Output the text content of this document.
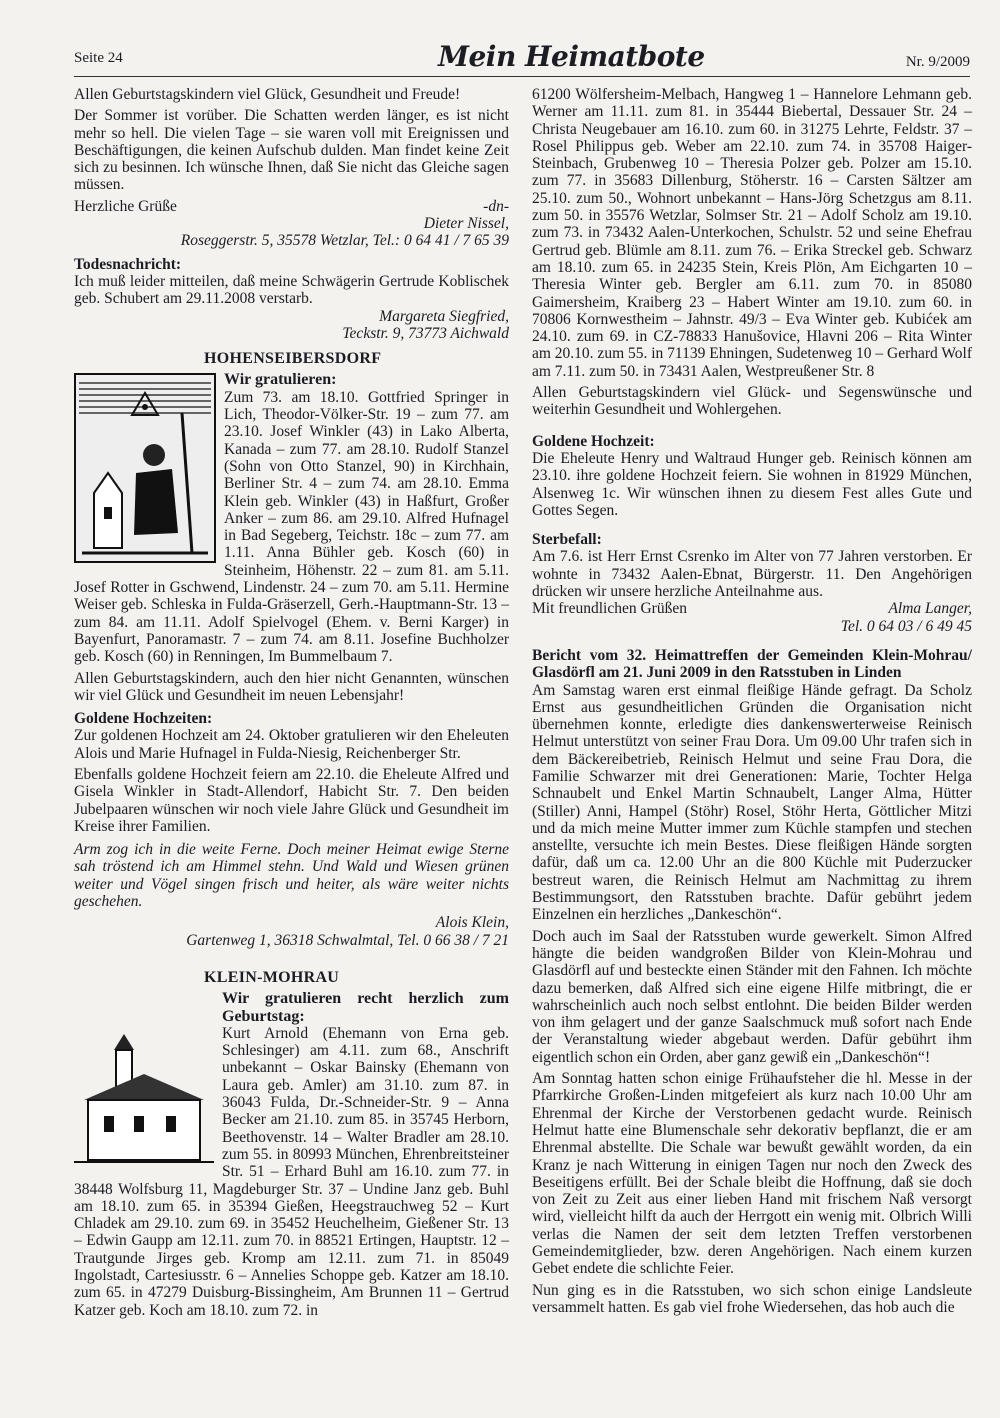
Seite 24	Mein Heimatbote	Nr. 9/2009

Allen Geburtstagskindern viel Glück, Gesundheit und Freude!

Der Sommer ist vorüber. Die Schatten werden länger, es ist nicht mehr so hell. Die vielen Tage – sie waren voll mit Ereignissen und Beschäftigungen, die keinen Aufschub dulden. Man findet keine Zeit sich zu besinnen. Ich wünsche Ihnen, daß Sie nicht das Gleiche sagen müssen.

Herzliche Grüße	-dn-
Dieter Nissel,
Roseggerstr. 5, 35578 Wetzlar, Tel.: 0 64 41 / 7 65 39
Todesnachricht:

Ich muß leider mitteilen, daß meine Schwägerin Gertrude Koblischek geb. Schubert am 29.11.2008 verstarb.

Margareta Siegfried,
Teckstr. 9, 73773 Aichwald
HOHENSEIBERSDORF
Wir gratulieren:

Zum 73. am 18.10. Gottfried Springer in Lich, Theodor-Völker-Str. 19 – zum 77. am 23.10. Josef Winkler (43) in Lako Alberta, Kanada – zum 77. am 28.10. Rudolf Stanzel (Sohn von Otto Stanzel, 90) in Kirchhain, Berliner Str. 4 – zum 74. am 28.10. Emma Klein geb. Winkler (43) in Haßfurt, Großer Anker – zum 86. am 29.10. Alfred Hufnagel in Bad Segeberg, Teichstr. 18c – zum 77. am 1.11. Anna Bühler geb. Kosch (60) in Steinheim, Höhenstr. 22 – zum 81. am 5.11. Josef Rotter in Gschwend, Lindenstr. 24 – zum 70. am 5.11. Hermine Weiser geb. Schleska in Fulda-Gräserzell, Gerh.-Hauptmann-Str. 13 – zum 84. am 11.11. Adolf Spielvogel (Ehem. v. Berni Karger) in Bayenfurt, Panoramastr. 7 – zum 74. am 8.11. Josefine Buchholzer geb. Kosch (60) in Renningen, Im Bummelbaum 7.

Allen Geburtstagskindern, auch den hier nicht Genannten, wünschen wir viel Glück und Gesundheit im neuen Lebensjahr!

Goldene Hochzeiten:

Zur goldenen Hochzeit am 24. Oktober gratulieren wir den Eheleuten Alois und Marie Hufnagel in Fulda-Niesig, Reichenberger Str.

Ebenfalls goldene Hochzeit feiern am 22.10. die Eheleute Alfred und Gisela Winkler in Stadt-Allendorf, Habicht Str. 7. Den beiden Jubelpaaren wünschen wir noch viele Jahre Glück und Gesundheit im Kreise ihrer Familien.

Arm zog ich in die weite Ferne. Doch meiner Heimat ewige Sterne sah tröstend ich am Himmel stehn. Und Wald und Wiesen grünen weiter und Vögel singen frisch und heiter, als wäre weiter nichts geschehen.

Alois Klein,
Gartenweg 1, 36318 Schwalmtal, Tel. 0 66 38 / 7 21
KLEIN-MOHRAU
Wir gratulieren recht herzlich zum Geburtstag:

Kurt Arnold (Ehemann von Erna geb. Schlesinger) am 4.11. zum 68., Anschrift unbekannt – Oskar Bainsky (Ehemann von Laura geb. Amler) am 31.10. zum 87. in 36043 Fulda, Dr.-Schneider-Str. 9 – Anna Becker am 21.10. zum 85. in 35745 Herborn, Beethovenstr. 14 – Walter Bradler am 28.10. zum 55. in 80993 München, Ehrenbreitsteiner Str. 51 – Erhard Buhl am 16.10. zum 77. in 38448 Wolfsburg 11, Magdeburger Str. 37 – Undine Janz geb. Buhl am 18.10. zum 65. in 35394 Gießen, Heegstrauchweg 52 – Kurt Chladek am 29.10. zum 69. in 35452 Heuchelheim, Gießener Str. 13 – Edwin Gaupp am 12.11. zum 70. in 88521 Ertingen, Hauptstr. 12 – Trautgunde Jirges geb. Kromp am 12.11. zum 71. in 85049 Ingolstadt, Cartesiusstr. 6 – Annelies Schoppe geb. Katzer am 18.10. zum 65. in 47279 Duisburg-Bissingheim, Am Brunnen 11 – Gertrud Katzer geb. Koch am 18.10. zum 72. in

61200 Wölfersheim-Melbach, Hangweg 1 – Hannelore Lehmann geb. Werner am 11.11. zum 81. in 35444 Biebertal, Dessauer Str. 24 – Christa Neugebauer am 16.10. zum 60. in 31275 Lehrte, Feldstr. 37 – Rosel Philippus geb. Weber am 22.10. zum 74. in 35708 Haiger-Steinbach, Grubenweg 10 – Theresia Polzer geb. Polzer am 15.10. zum 77. in 35683 Dillenburg, Stöherstr. 16 – Carsten Sältzer am 25.10. zum 50., Wohnort unbekannt – Hans-Jörg Schetzgus am 8.11. zum 50. in 35576 Wetzlar, Solmser Str. 21 – Adolf Scholz am 19.10. zum 73. in 73432 Aalen-Unterkochen, Schulstr. 52 und seine Ehefrau Gertrud geb. Blümle am 8.11. zum 76. – Erika Streckel geb. Schwarz am 18.10. zum 65. in 24235 Stein, Kreis Plön, Am Eichgarten 10 – Theresia Winter geb. Bergler am 6.11. zum 70. in 85080 Gaimersheim, Kraiberg 23 – Habert Winter am 19.10. zum 60. in 70806 Kornwestheim – Jahnstr. 49/3 – Eva Winter geb. Kubićek am 24.10. zum 69. in CZ-78833 Hanušovice, Hlavni 206 – Rita Winter am 20.10. zum 55. in 71139 Ehningen, Sudetenweg 10 – Gerhard Wolf am 7.11. zum 50. in 73431 Aalen, Westpreußener Str. 8

Allen Geburtstagskindern viel Glück- und Segenswünsche und weiterhin Gesundheit und Wohlergehen.

Goldene Hochzeit:

Die Eheleute Henry und Waltraud Hunger geb. Reinisch können am 23.10. ihre goldene Hochzeit feiern. Sie wohnen in 81929 München, Alsenweg 1c. Wir wünschen ihnen zu diesem Fest alles Gute und Gottes Segen.

Sterbefall:

Am 7.6. ist Herr Ernst Csrenko im Alter von 77 Jahren verstorben. Er wohnte in 73432 Aalen-Ebnat, Bürgerstr. 11. Den Angehörigen drücken wir unsere herzliche Anteilnahme aus.

Mit freundlichen Grüßen	Alma Langer,
Tel. 0 64 03 / 6 49 45
Bericht vom 32. Heimattreffen der Gemeinden Klein-Mohrau/ Glasdörfl am 21. Juni 2009 in den Ratsstuben in Linden

Am Samstag waren erst einmal fleißige Hände gefragt. Da Scholz Ernst aus gesundheitlichen Gründen die Organisation nicht übernehmen konnte, erledigte dies dankenswerterweise Reinisch Helmut unterstützt von seiner Frau Dora. Um 09.00 Uhr trafen sich in dem Bäckereibetrieb, Reinisch Helmut und seine Frau Dora, die Familie Schwarzer mit drei Generationen: Marie, Tochter Helga Schnaubelt und Enkel Martin Schnaubelt, Langer Alma, Hütter (Stiller) Anni, Hampel (Stöhr) Rosel, Stöhr Herta, Göttlicher Mitzi und da mich meine Mutter immer zum Küchle stampfen und stechen anstellte, versuchte ich mein Bestes. Diese fleißigen Hände sorgten dafür, daß um ca. 12.00 Uhr an die 800 Küchle mit Puderzucker bestreut waren, die Reinisch Helmut am Nachmittag zu ihrem Bestimmungsort, den Ratsstuben brachte. Dafür gebührt jedem Einzelnen ein herzliches „Dankeschön“.

Doch auch im Saal der Ratsstuben wurde gewerkelt. Simon Alfred hängte die beiden wandgroßen Bilder von Klein-Mohrau und Glasdörfl auf und besteckte einen Ständer mit den Fahnen. Ich möchte dazu bemerken, daß Alfred sich eine eigene Hilfe mitbringt, die er wahrscheinlich auch noch selbst entlohnt. Die beiden Bilder werden von ihm gelagert und der ganze Saalschmuck muß sofort nach Ende der Veranstaltung wieder abgebaut werden. Dafür gebührt ihm eigentlich schon ein Orden, aber ganz gewiß ein „Dankeschön“!

Am Sonntag hatten schon einige Frühaufsteher die hl. Messe in der Pfarrkirche Großen-Linden mitgefeiert als kurz nach 10.00 Uhr am Ehrenmal der Kirche der Verstorbenen gedacht wurde. Reinisch Helmut hatte eine Blumenschale sehr dekorativ bepflanzt, die er am Ehrenmal abstellte. Die Schale war bewußt gewählt worden, da ein Kranz je nach Witterung in einigen Tagen nur noch den Zweck des Beseitigens erfüllt. Bei der Schale bleibt die Hoffnung, daß sie doch von Zeit zu Zeit aus einer lieben Hand mit frischem Naß versorgt wird, vielleicht hilft da auch der Herrgott ein wenig mit. Olbrich Willi verlas die Namen der seit dem letzten Treffen verstorbenen Gemeindemitglieder, bzw. deren Angehörigen. Nach einem kurzen Gebet endete die schlichte Feier.

Nun ging es in die Ratsstuben, wo sich schon einige Landsleute versammelt hatten. Es gab viel frohe Wiedersehen, das hob auch die
